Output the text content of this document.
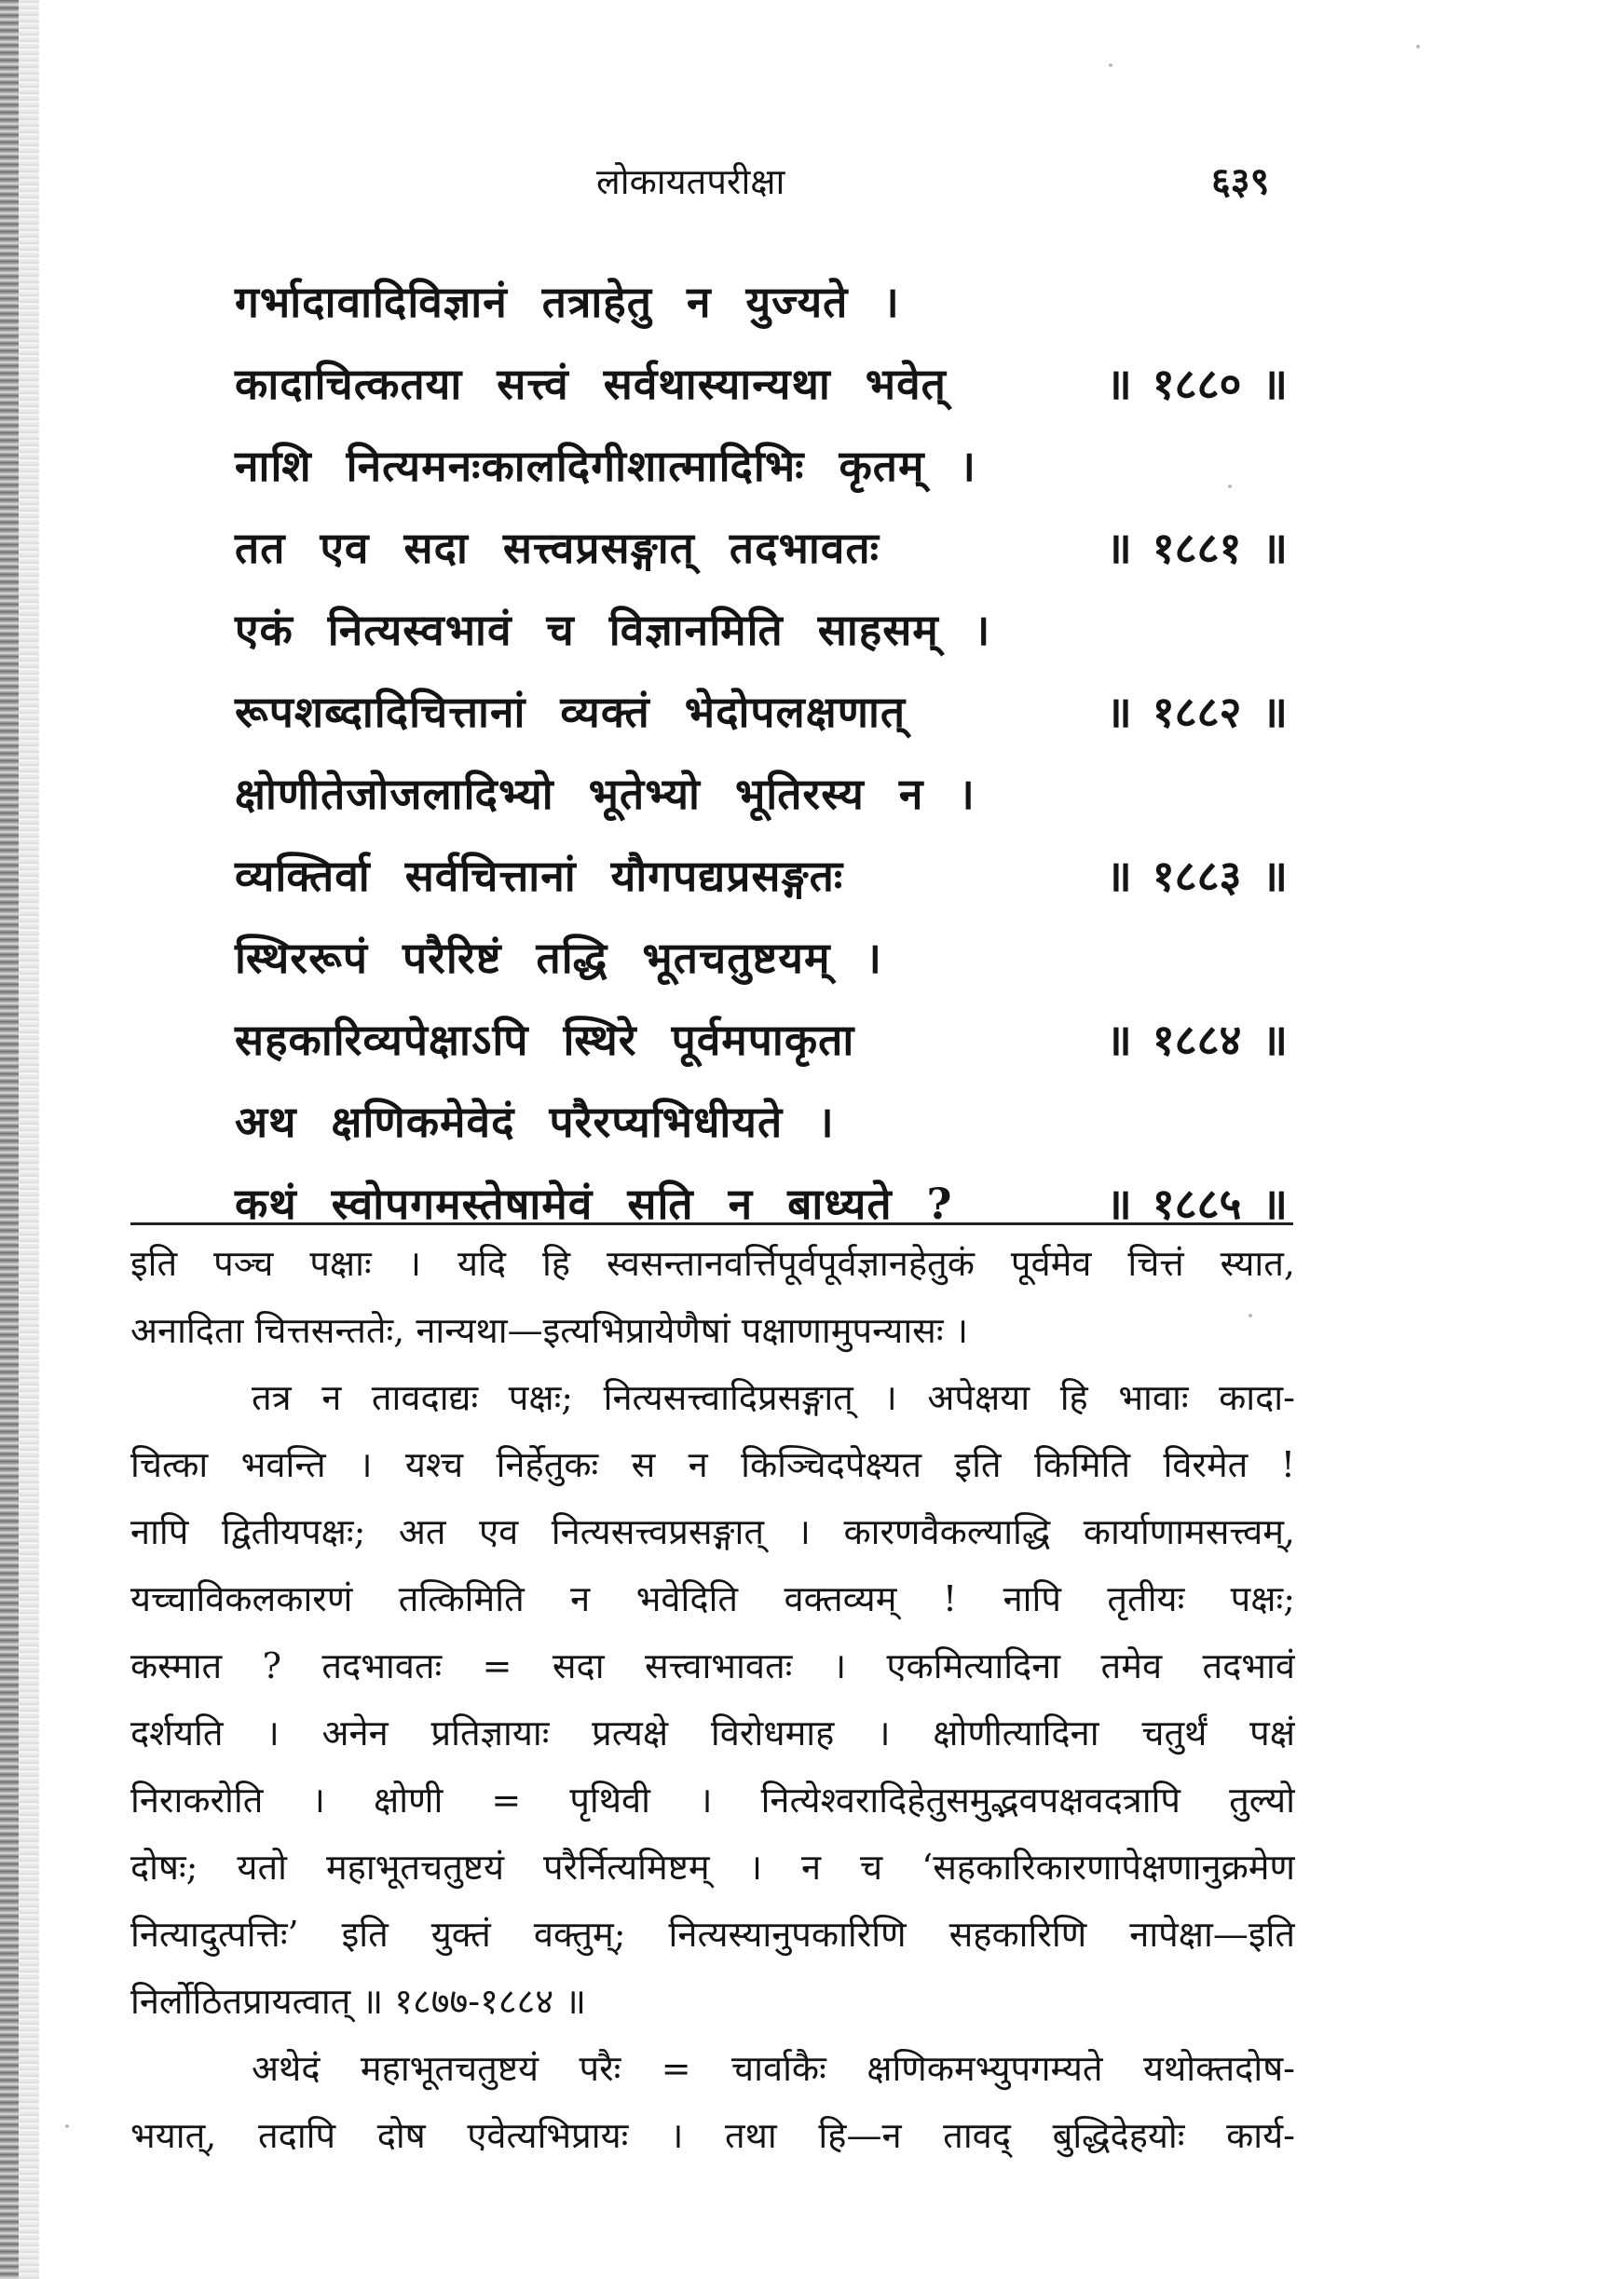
लोकायतपरीक्षा	६३९
गर्भादावादिविज्ञानं तत्राहेतु न युज्यते ।
कादाचित्कतया सत्त्वं सर्वथास्यान्यथा भवेत्	॥ १८८० ॥
नाशि नित्यमनःकालदिगीशात्मादिभिः कृतम् ।
तत एव सदा सत्त्वप्रसङ्गात् तदभावतः	॥ १८८१ ॥
एकं नित्यस्वभावं च विज्ञानमिति साहसम् ।
रूपशब्दादिचित्तानां व्यक्तं भेदोपलक्षणात्	॥ १८८२ ॥
क्षोणीतेजोजलादिभ्यो भूतेभ्यो भूतिरस्य न ।
व्यक्तिर्वा सर्वचित्तानां यौगपद्यप्रसङ्गतः	॥ १८८३ ॥
स्थिररूपं परैरिष्टं तद्धि भूतचतुष्टयम् ।
सहकारिव्यपेक्षाऽपि स्थिरे पूर्वमपाकृता	॥ १८८४ ॥
अथ क्षणिकमेवेदं परैरप्यभिधीयते ।
कथं स्वोपगमस्तेषामेवं सति न बाध्यते ?	॥ १८८५ ॥
इति पञ्च पक्षाः । यदि हि स्वसन्तानवर्त्तिपूर्वपूर्वज्ञानहेतुकं पूर्वमेव चित्तं स्यात,
अनादिता चित्तसन्ततेः, नान्यथा—इत्यभिप्रायेणैषां पक्षाणामुपन्यासः ।
तत्र न तावदाद्यः पक्षः; नित्यसत्त्वादिप्रसङ्गात् । अपेक्षया हि भावाः कादा-
चित्का भवन्ति । यश्च निर्हेतुकः स न किञ्चिदपेक्ष्यत इति किमिति विरमेत !
नापि द्वितीयपक्षः; अत एव नित्यसत्त्वप्रसङ्गात् । कारणवैकल्याद्धि कार्याणामसत्त्वम्,
यच्चाविकलकारणं तत्किमिति न भवेदिति वक्तव्यम् ! नापि तृतीयः पक्षः;
कस्मात ? तदभावतः = सदा सत्त्वाभावतः । एकमित्यादिना तमेव तदभावं
दर्शयति । अनेन प्रतिज्ञायाः प्रत्यक्षे विरोधमाह । क्षोणीत्यादिना चतुर्थं पक्षं
निराकरोति । क्षोणी = पृथिवी । नित्येश्वरादिहेतुसमुद्भवपक्षवदत्रापि तुल्यो
दोषः; यतो महाभूतचतुष्टयं परैर्नित्यमिष्टम् । न च ‘सहकारिकारणापेक्षणानुक्रमेण
नित्यादुत्पत्तिः’ इति युक्तं वक्तुम्; नित्यस्यानुपकारिणि सहकारिणि नापेक्षा—इति
निर्लोठितप्रायत्वात् ॥ १८७७-१८८४ ॥
अथेदं महाभूतचतुष्टयं परैः = चार्वाकैः क्षणिकमभ्युपगम्यते यथोक्तदोष-
भयात्, तदापि दोष एवेत्यभिप्रायः । तथा हि—न तावद् बुद्धिदेहयोः कार्य-
